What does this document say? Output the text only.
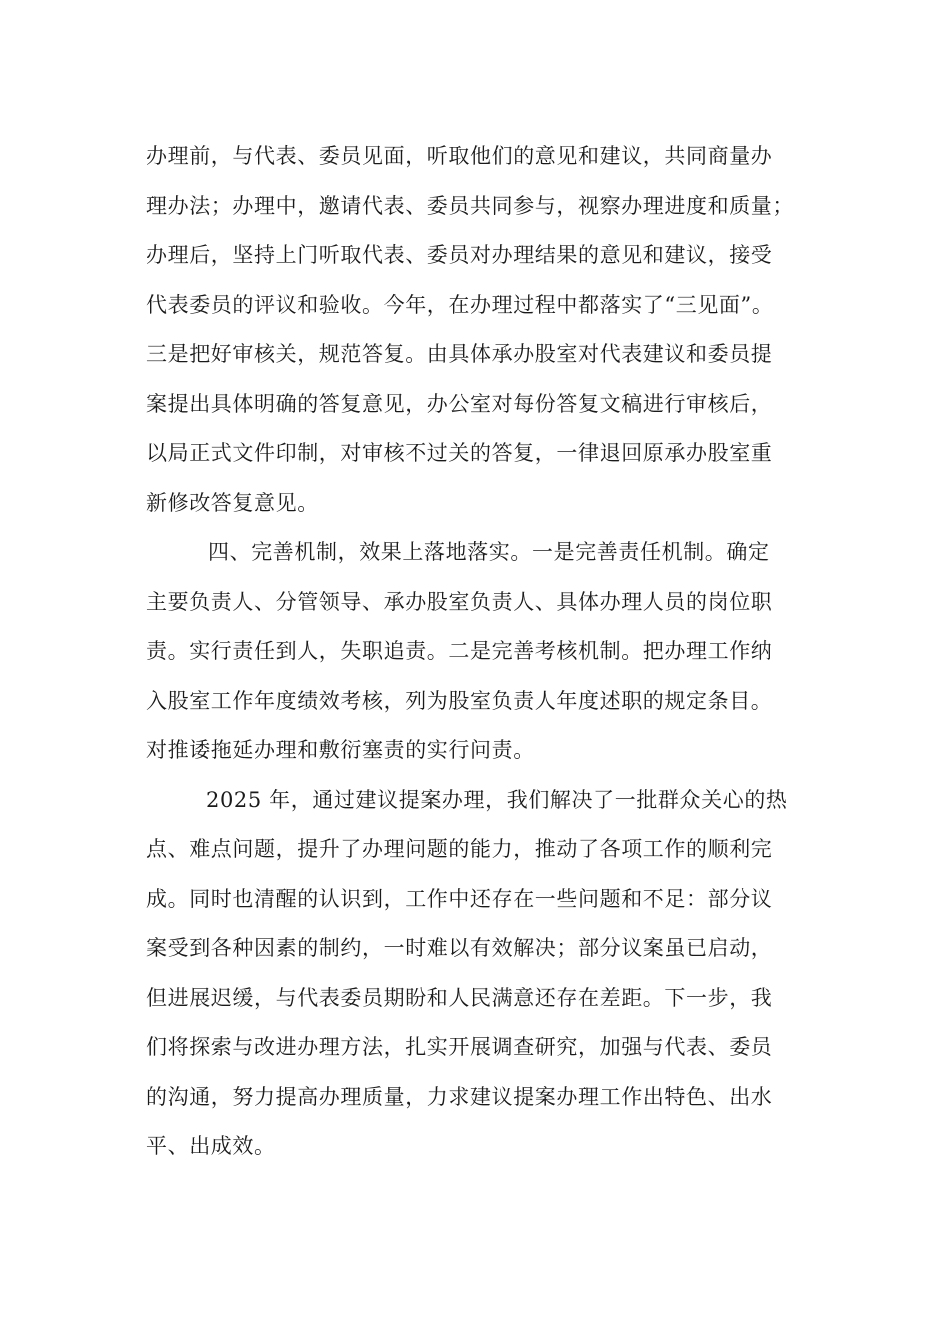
办理前，与代表、委员见面，听取他们的意见和建议，共同商量办
理办法；办理中，邀请代表、委员共同参与，视察办理进度和质量；
办理后，坚持上门听取代表、委员对办理结果的意见和建议，接受
代表委员的评议和验收。今年，在办理过程中都落实了“三见面”。
三是把好审核关，规范答复。由具体承办股室对代表建议和委员提
案提出具体明确的答复意见，办公室对每份答复文稿进行审核后，
以局正式文件印制，对审核不过关的答复，一律退回原承办股室重
新修改答复意见。
四、完善机制，效果上落地落实。一是完善责任机制。确定
主要负责人、分管领导、承办股室负责人、具体办理人员的岗位职
责。实行责任到人，失职追责。二是完善考核机制。把办理工作纳
入股室工作年度绩效考核，列为股室负责人年度述职的规定条目。
对推诿拖延办理和敷衍塞责的实行问责。
2025 年，通过建议提案办理，我们解决了一批群众关心的热
点、难点问题，提升了办理问题的能力，推动了各项工作的顺利完
成。同时也清醒的认识到，工作中还存在一些问题和不足：部分议
案受到各种因素的制约，一时难以有效解决；部分议案虽已启动，
但进展迟缓，与代表委员期盼和人民满意还存在差距。下一步，我
们将探索与改进办理方法，扎实开展调查研究，加强与代表、委员
的沟通，努力提高办理质量，力求建议提案办理工作出特色、出水
平、出成效。
